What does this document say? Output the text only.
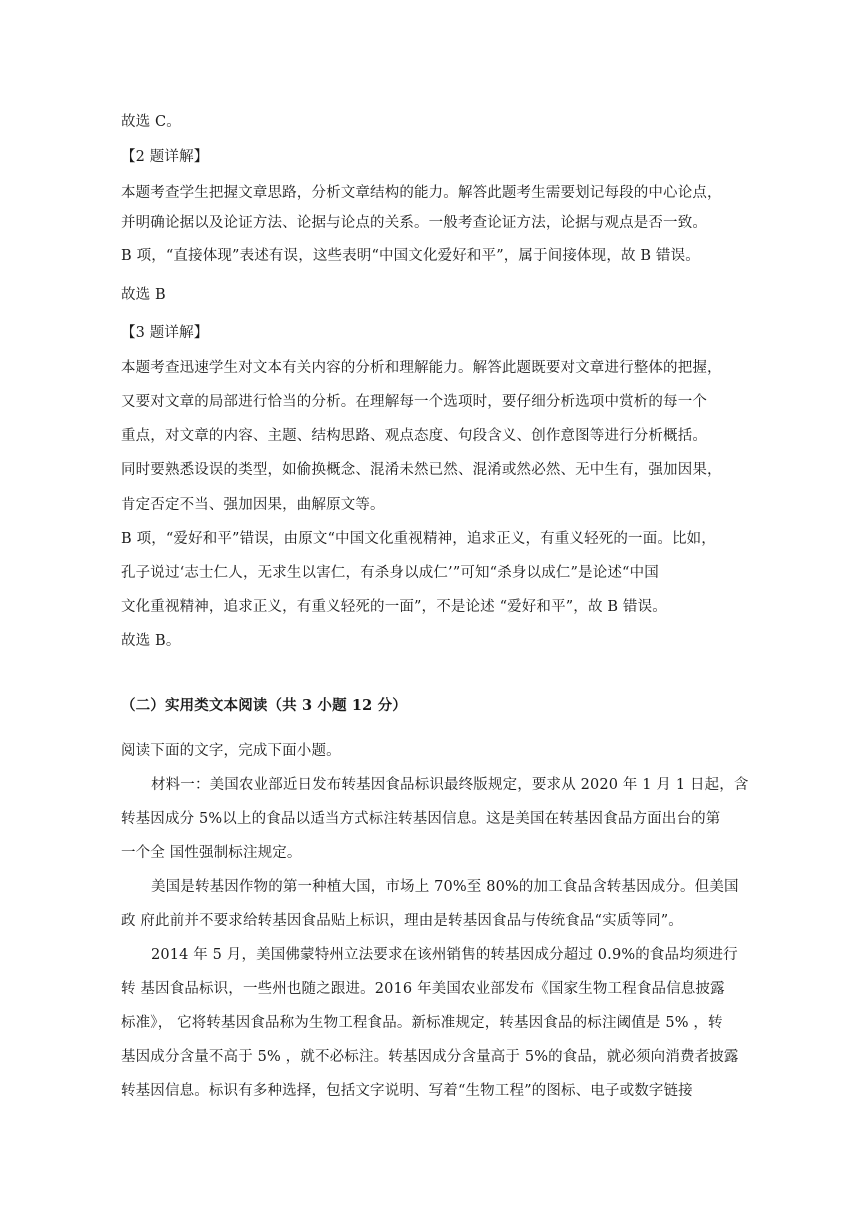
故选 C。
【2 题详解】
本题考查学生把握文章思路，分析文章结构的能力。解答此题考生需要划记每段的中心论点，
并明确论据以及论证方法、论据与论点的关系。一般考查论证方法，论据与观点是否一致。
B 项，“直接体现”表述有误，这些表明“中国文化爱好和平”，属于间接体现，故 B 错误。
故选 B
【3 题详解】
本题考查迅速学生对文本有关内容的分析和理解能力。解答此题既要对文章进行整体的把握，
又要对文章的局部进行恰当的分析。在理解每一个选项时，要仔细分析选项中赏析的每一个
重点，对文章的内容、主题、结构思路、观点态度、句段含义、创作意图等进行分析概括。
同时要熟悉设误的类型，如偷换概念、混淆未然已然、混淆或然必然、无中生有，强加因果，
肯定否定不当、强加因果，曲解原文等。
B 项，“爱好和平”错误，由原文“中国文化重视精神，追求正义，有重义轻死的一面。比如，
孔子说过‘志士仁人，无求生以害仁，有杀身以成仁’”可知“杀身以成仁”是论述“中国
文化重视精神，追求正义，有重义轻死的一面”，不是论述 “爱好和平”，故 B 错误。
故选 B。
（二）实用类文本阅读（共 3 小题 12 分）
阅读下面的文字，完成下面小题。
材料一：美国农业部近日发布转基因食品标识最终版规定，要求从 2020 年 1 月 1 日起，含
转基因成分 5%以上的食品以适当方式标注转基因信息。这是美国在转基因食品方面出台的第
一个全 国性强制标注规定。
美国是转基因作物的第一种植大国，市场上 70%至 80%的加工食品含转基因成分。但美国
政 府此前并不要求给转基因食品贴上标识，理由是转基因食品与传统食品“实质等同”。
2014 年 5 月，美国佛蒙特州立法要求在该州销售的转基因成分超过 0.9%的食品均须进行
转 基因食品标识，一些州也随之跟进。2016 年美国农业部发布《国家生物工程食品信息披露
标准》， 它将转基因食品称为生物工程食品。新标准规定，转基因食品的标注阈值是 5% ，转
基因成分含量不高于 5% ，就不必标注。转基因成分含量高于 5%的食品，就必须向消费者披露
转基因信息。标识有多种选择，包括文字说明、写着“生物工程”的图标、电子或数字链接
